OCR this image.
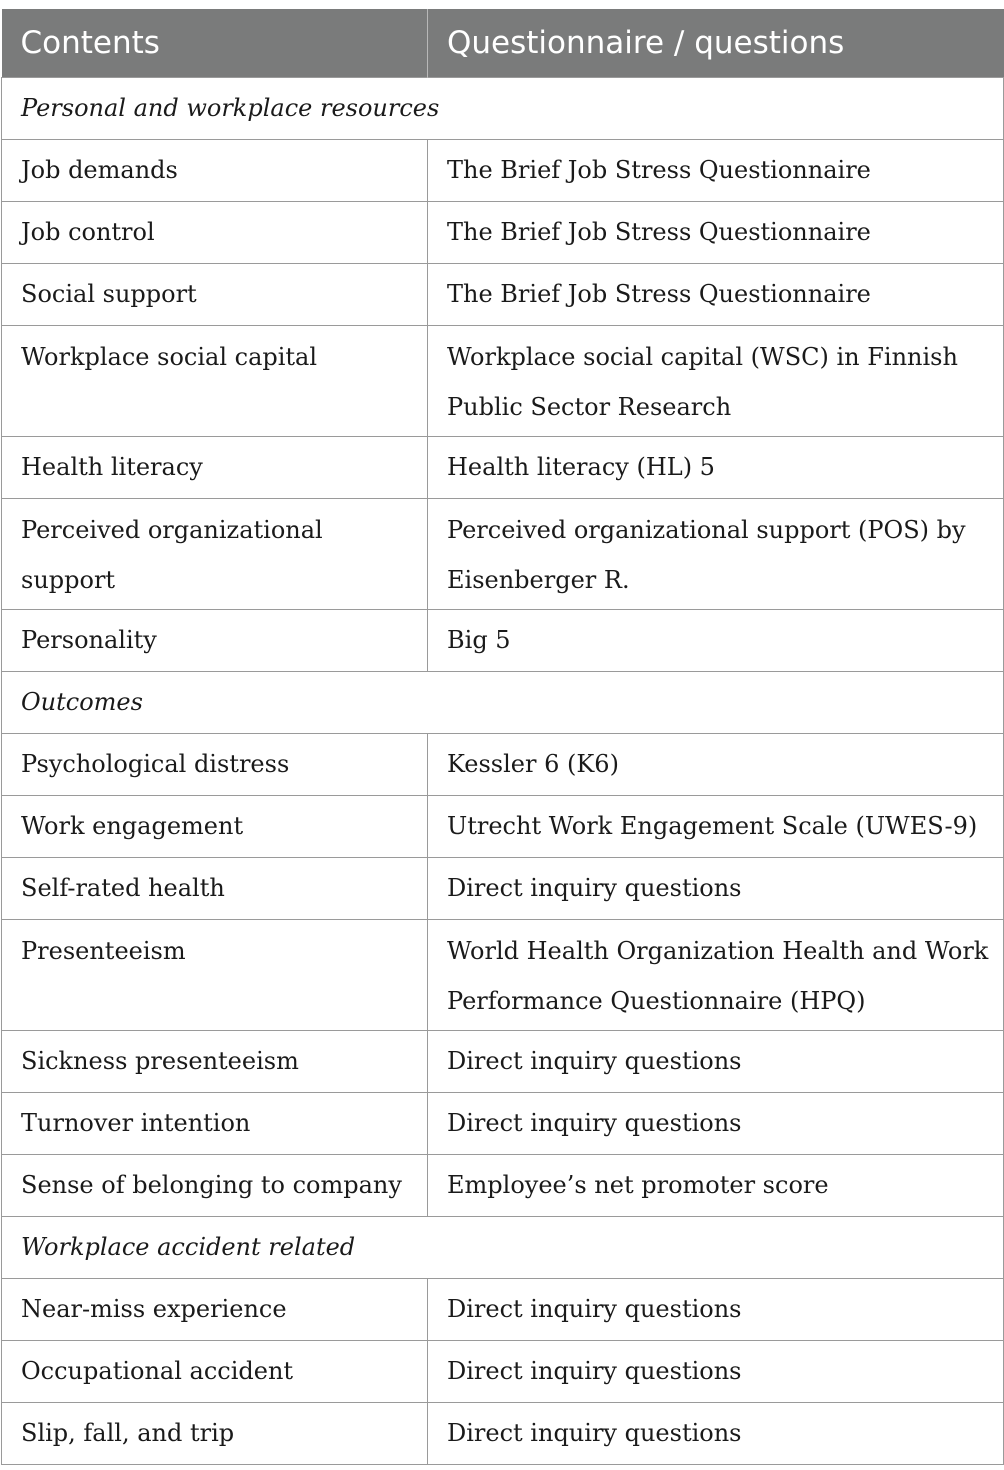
Contents	Questionnaire / questions
Personal and workplace resources	
Job demands	The Brief Job Stress Questionnaire
Job control	The Brief Job Stress Questionnaire
Social support	The Brief Job Stress Questionnaire
Workplace social capital	Workplace social capital (WSC) in Finnish Public Sector Research
Health literacy	Health literacy (HL) 5
Perceived organizational support	Perceived organizational support (POS) by Eisenberger R.
Personality	Big 5
Outcomes	
Psychological distress	Kessler 6 (K6)
Work engagement	Utrecht Work Engagement Scale (UWES-9)
Self-rated health	Direct inquiry questions
Presenteeism	World Health Organization Health and Work Performance Questionnaire (HPQ)
Sickness presenteeism	Direct inquiry questions
Turnover intention	Direct inquiry questions
Sense of belonging to company	Employee’s net promoter score
Workplace accident related	
Near-miss experience	Direct inquiry questions
Occupational accident	Direct inquiry questions
Slip, fall, and trip	Direct inquiry questions
